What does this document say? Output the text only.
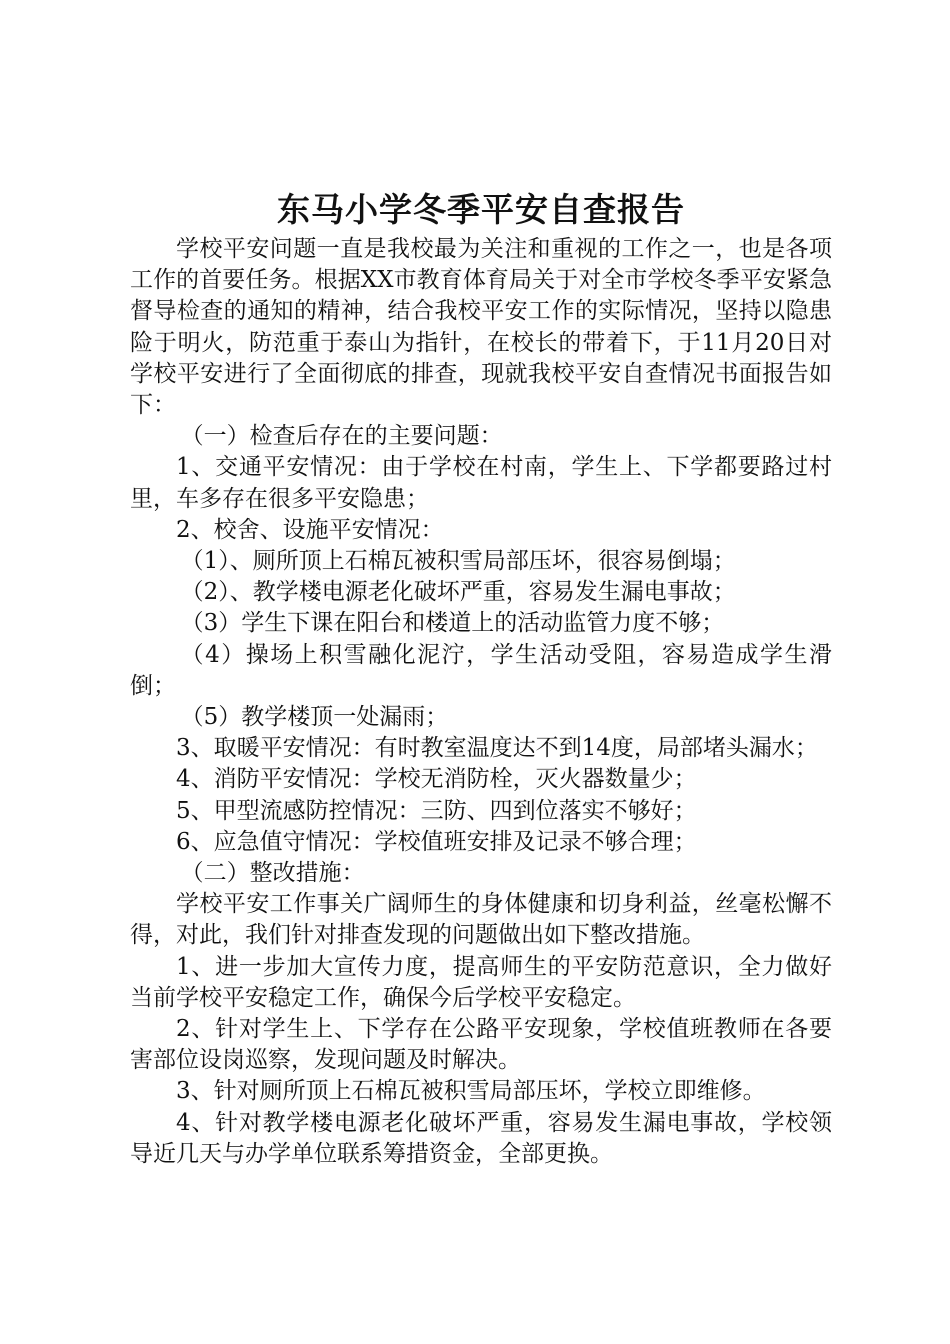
东马小学冬季平安自查报告

学校平安问题一直是我校最为关注和重视的工作之一，也是各项工作的首要任务。根据XX市教育体育局关于对全市学校冬季平安紧急督导检查的通知的精神，结合我校平安工作的实际情况，坚持以隐患险于明火，防范重于泰山为指针，在校长的带着下，于11月20日对学校平安进行了全面彻底的排查，现就我校平安自查情况书面报告如下：

（一）检查后存在的主要问题：

1、交通平安情况：由于学校在村南，学生上、下学都要路过村里，车多存在很多平安隐患；

2、校舍、设施平安情况：

（1）、厕所顶上石棉瓦被积雪局部压坏，很容易倒塌；

（2）、教学楼电源老化破坏严重，容易发生漏电事故；

（3）学生下课在阳台和楼道上的活动监管力度不够；

（4）操场上积雪融化泥泞，学生活动受阻，容易造成学生滑倒；

（5）教学楼顶一处漏雨；

3、取暖平安情况：有时教室温度达不到14度，局部堵头漏水；

4、消防平安情况：学校无消防栓，灭火器数量少；

5、甲型流感防控情况：三防、四到位落实不够好；

6、应急值守情况：学校值班安排及记录不够合理；

（二）整改措施：

学校平安工作事关广阔师生的身体健康和切身利益，丝毫松懈不得，对此，我们针对排查发现的问题做出如下整改措施。

1、进一步加大宣传力度，提高师生的平安防范意识，全力做好当前学校平安稳定工作，确保今后学校平安稳定。

2、针对学生上、下学存在公路平安现象，学校值班教师在各要害部位设岗巡察，发现问题及时解决。

3、针对厕所顶上石棉瓦被积雪局部压坏，学校立即维修。

4、针对教学楼电源老化破坏严重，容易发生漏电事故，学校领导近几天与办学单位联系筹措资金，全部更换。
